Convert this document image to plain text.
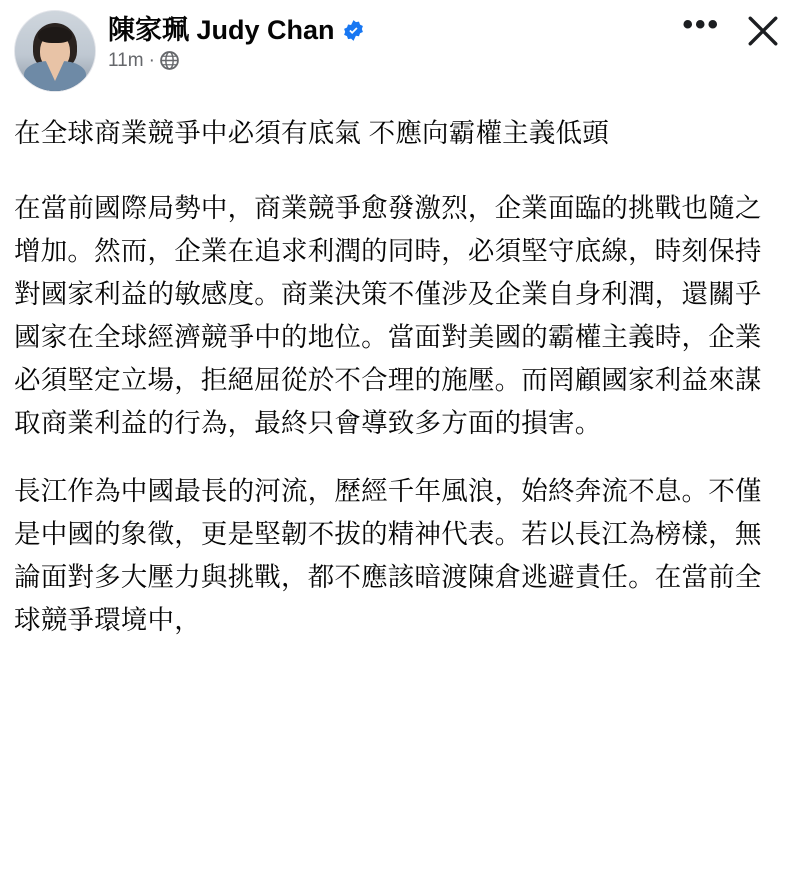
陳家珮 Judy Chan
11m ·
•••

在全球商業競爭中必須有底氣 不應向霸權主義低頭

在當前國際局勢中，商業競爭愈發激烈，企業面臨的挑戰也隨之增加。然而，企業在追求利潤的同時，必須堅守底線，時刻保持對國家利益的敏感度。商業決策不僅涉及企業自身利潤，還關乎國家在全球經濟競爭中的地位。當面對美國的霸權主義時，企業必須堅定立場，拒絕屈從於不合理的施壓。而罔顧國家利益來謀取商業利益的行為，最終只會導致多方面的損害。

長江作為中國最長的河流，歷經千年風浪，始終奔流不息。不僅是中國的象徵，更是堅韌不拔的精神代表。若以長江為榜樣，無論面對多大壓力與挑戰，都不應該暗渡陳倉逃避責任。在當前全球競爭環境中，
